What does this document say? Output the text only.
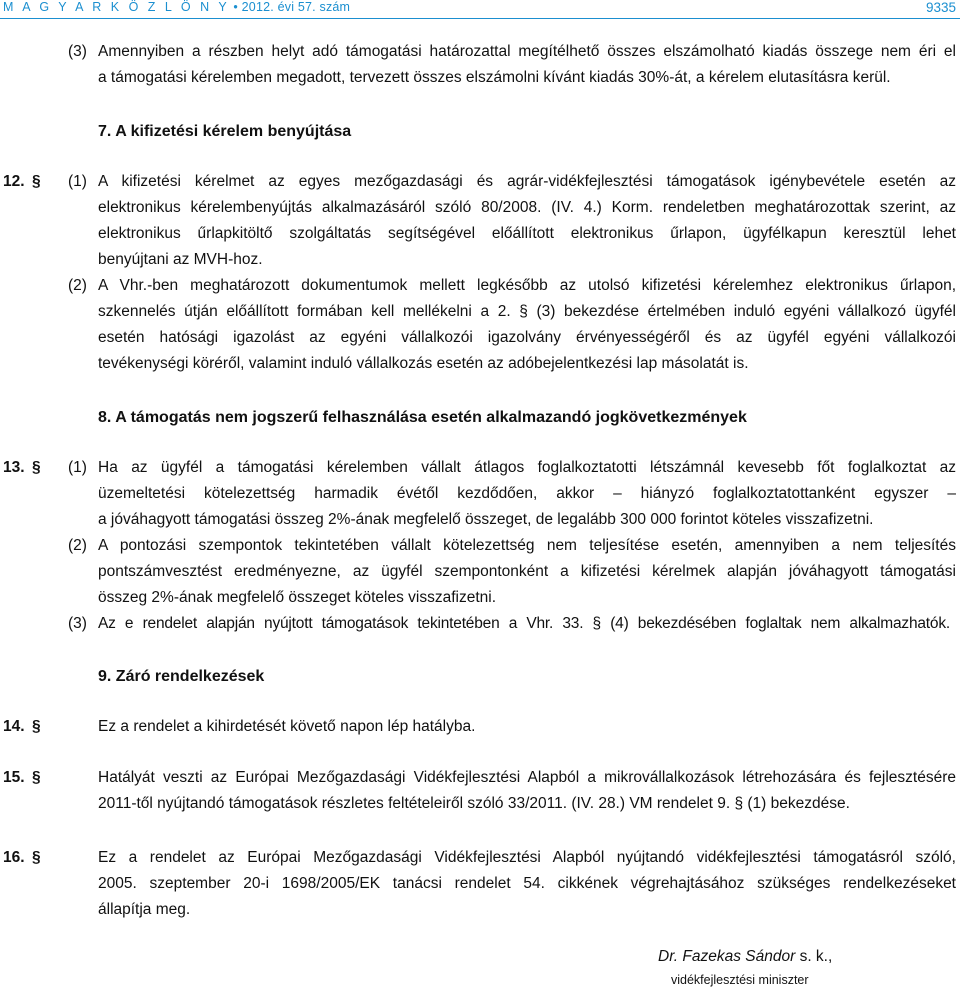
M A G Y A R K Ö Z L Ö N Y • 2012. évi 57. szám	9335
(3) Amennyiben a részben helyt adó támogatási határozattal megítélhető összes elszámolható kiadás összege nem éri el
a támogatási kérelemben megadott, tervezett összes elszámolni kívánt kiadás 30%-át, a kérelem elutasításra kerül.
7. A kifizetési kérelem benyújtása
12. § (1) A kifizetési kérelmet az egyes mezőgazdasági és agrár-vidékfejlesztési támogatások igénybevétele esetén az
elektronikus kérelembenyújtás alkalmazásáról szóló 80/2008. (IV. 4.) Korm. rendeletben meghatározottak szerint, az
elektronikus űrlapkitöltő szolgáltatás segítségével előállított elektronikus űrlapon, ügyfélkapun keresztül lehet
benyújtani az MVH-hoz.
(2) A Vhr.-ben meghatározott dokumentumok mellett legkésőbb az utolsó kifizetési kérelemhez elektronikus űrlapon,
szkennelés útján előállított formában kell mellékelni a 2. § (3) bekezdése értelmében induló egyéni vállalkozó ügyfél
esetén hatósági igazolást az egyéni vállalkozói igazolvány érvényességéről és az ügyfél egyéni vállalkozói
tevékenységi köréről, valamint induló vállalkozás esetén az adóbejelentkezési lap másolatát is.
8. A támogatás nem jogszerű felhasználása esetén alkalmazandó jogkövetkezmények
13. § (1) Ha az ügyfél a támogatási kérelemben vállalt átlagos foglalkoztatotti létszámnál kevesebb főt foglalkoztat az
üzemeltetési kötelezettség harmadik évétől kezdődően, akkor – hiányzó foglalkoztatottanként egyszer –
a jóváhagyott támogatási összeg 2%-ának megfelelő összeget, de legalább 300 000 forintot köteles visszafizetni.
(2) A pontozási szempontok tekintetében vállalt kötelezettség nem teljesítése esetén, amennyiben a nem teljesítés
pontszámvesztést eredményezne, az ügyfél szempontonként a kifizetési kérelmek alapján jóváhagyott támogatási
összeg 2%-ának megfelelő összeget köteles visszafizetni.
(3) Az e rendelet alapján nyújtott támogatások tekintetében a Vhr. 33. § (4) bekezdésében foglaltak nem alkalmazhatók.
9. Záró rendelkezések
14. §	Ez a rendelet a kihirdetését követő napon lép hatályba.
15. §	Hatályát veszti az Európai Mezőgazdasági Vidékfejlesztési Alapból a mikrovállalkozások létrehozására és fejlesztésére
2011-től nyújtandó támogatások részletes feltételeiről szóló 33/2011. (IV. 28.) VM rendelet 9. § (1) bekezdése.
16. §	Ez a rendelet az Európai Mezőgazdasági Vidékfejlesztési Alapból nyújtandó vidékfejlesztési támogatásról szóló,
2005. szeptember 20-i 1698/2005/EK tanácsi rendelet 54. cikkének végrehajtásához szükséges rendelkezéseket
állapítja meg.
Dr. Fazekas Sándor s. k.,
vidékfejlesztési miniszter
